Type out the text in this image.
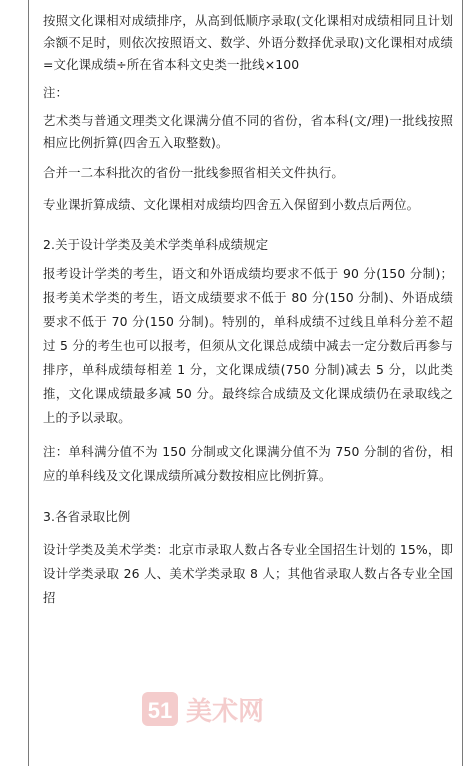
按照文化课相对成绩排序，从高到低顺序录取(文化课相对成绩相同且计划余额不足时，则依次按照语文、数学、外语分数择优录取)文化课相对成绩=文化课成绩÷所在省本科文史类一批线×100

注：

艺术类与普通文理类文化课满分值不同的省份，省本科(文/理)一批线按照相应比例折算(四舍五入取整数)。

合并一二本科批次的省份一批线参照省相关文件执行。

专业课折算成绩、文化课相对成绩均四舍五入保留到小数点后两位。

2.关于设计学类及美术学类单科成绩规定

报考设计学类的考生，语文和外语成绩均要求不低于 90 分(150 分制)；报考美术学类的考生，语文成绩要求不低于 80 分(150 分制)、外语成绩要求不低于 70 分(150 分制)。特别的，单科成绩不过线且单科分差不超过 5 分的考生也可以报考，但须从文化课总成绩中减去一定分数后再参与排序，单科成绩每相差 1 分，文化课成绩(750 分制)减去 5 分，以此类推，文化课成绩最多减 50 分。最终综合成绩及文化课成绩仍在录取线之上的予以录取。

注：单科满分值不为 150 分制或文化课满分值不为 750 分制的省份，相应的单科线及文化课成绩所减分数按相应比例折算。

3.各省录取比例

设计学类及美术学类：北京市录取人数占各专业全国招生计划的 15%，即设计学类录取 26 人、美术学类录取 8 人；其他省录取人数占各专业全国招

51 美术网
